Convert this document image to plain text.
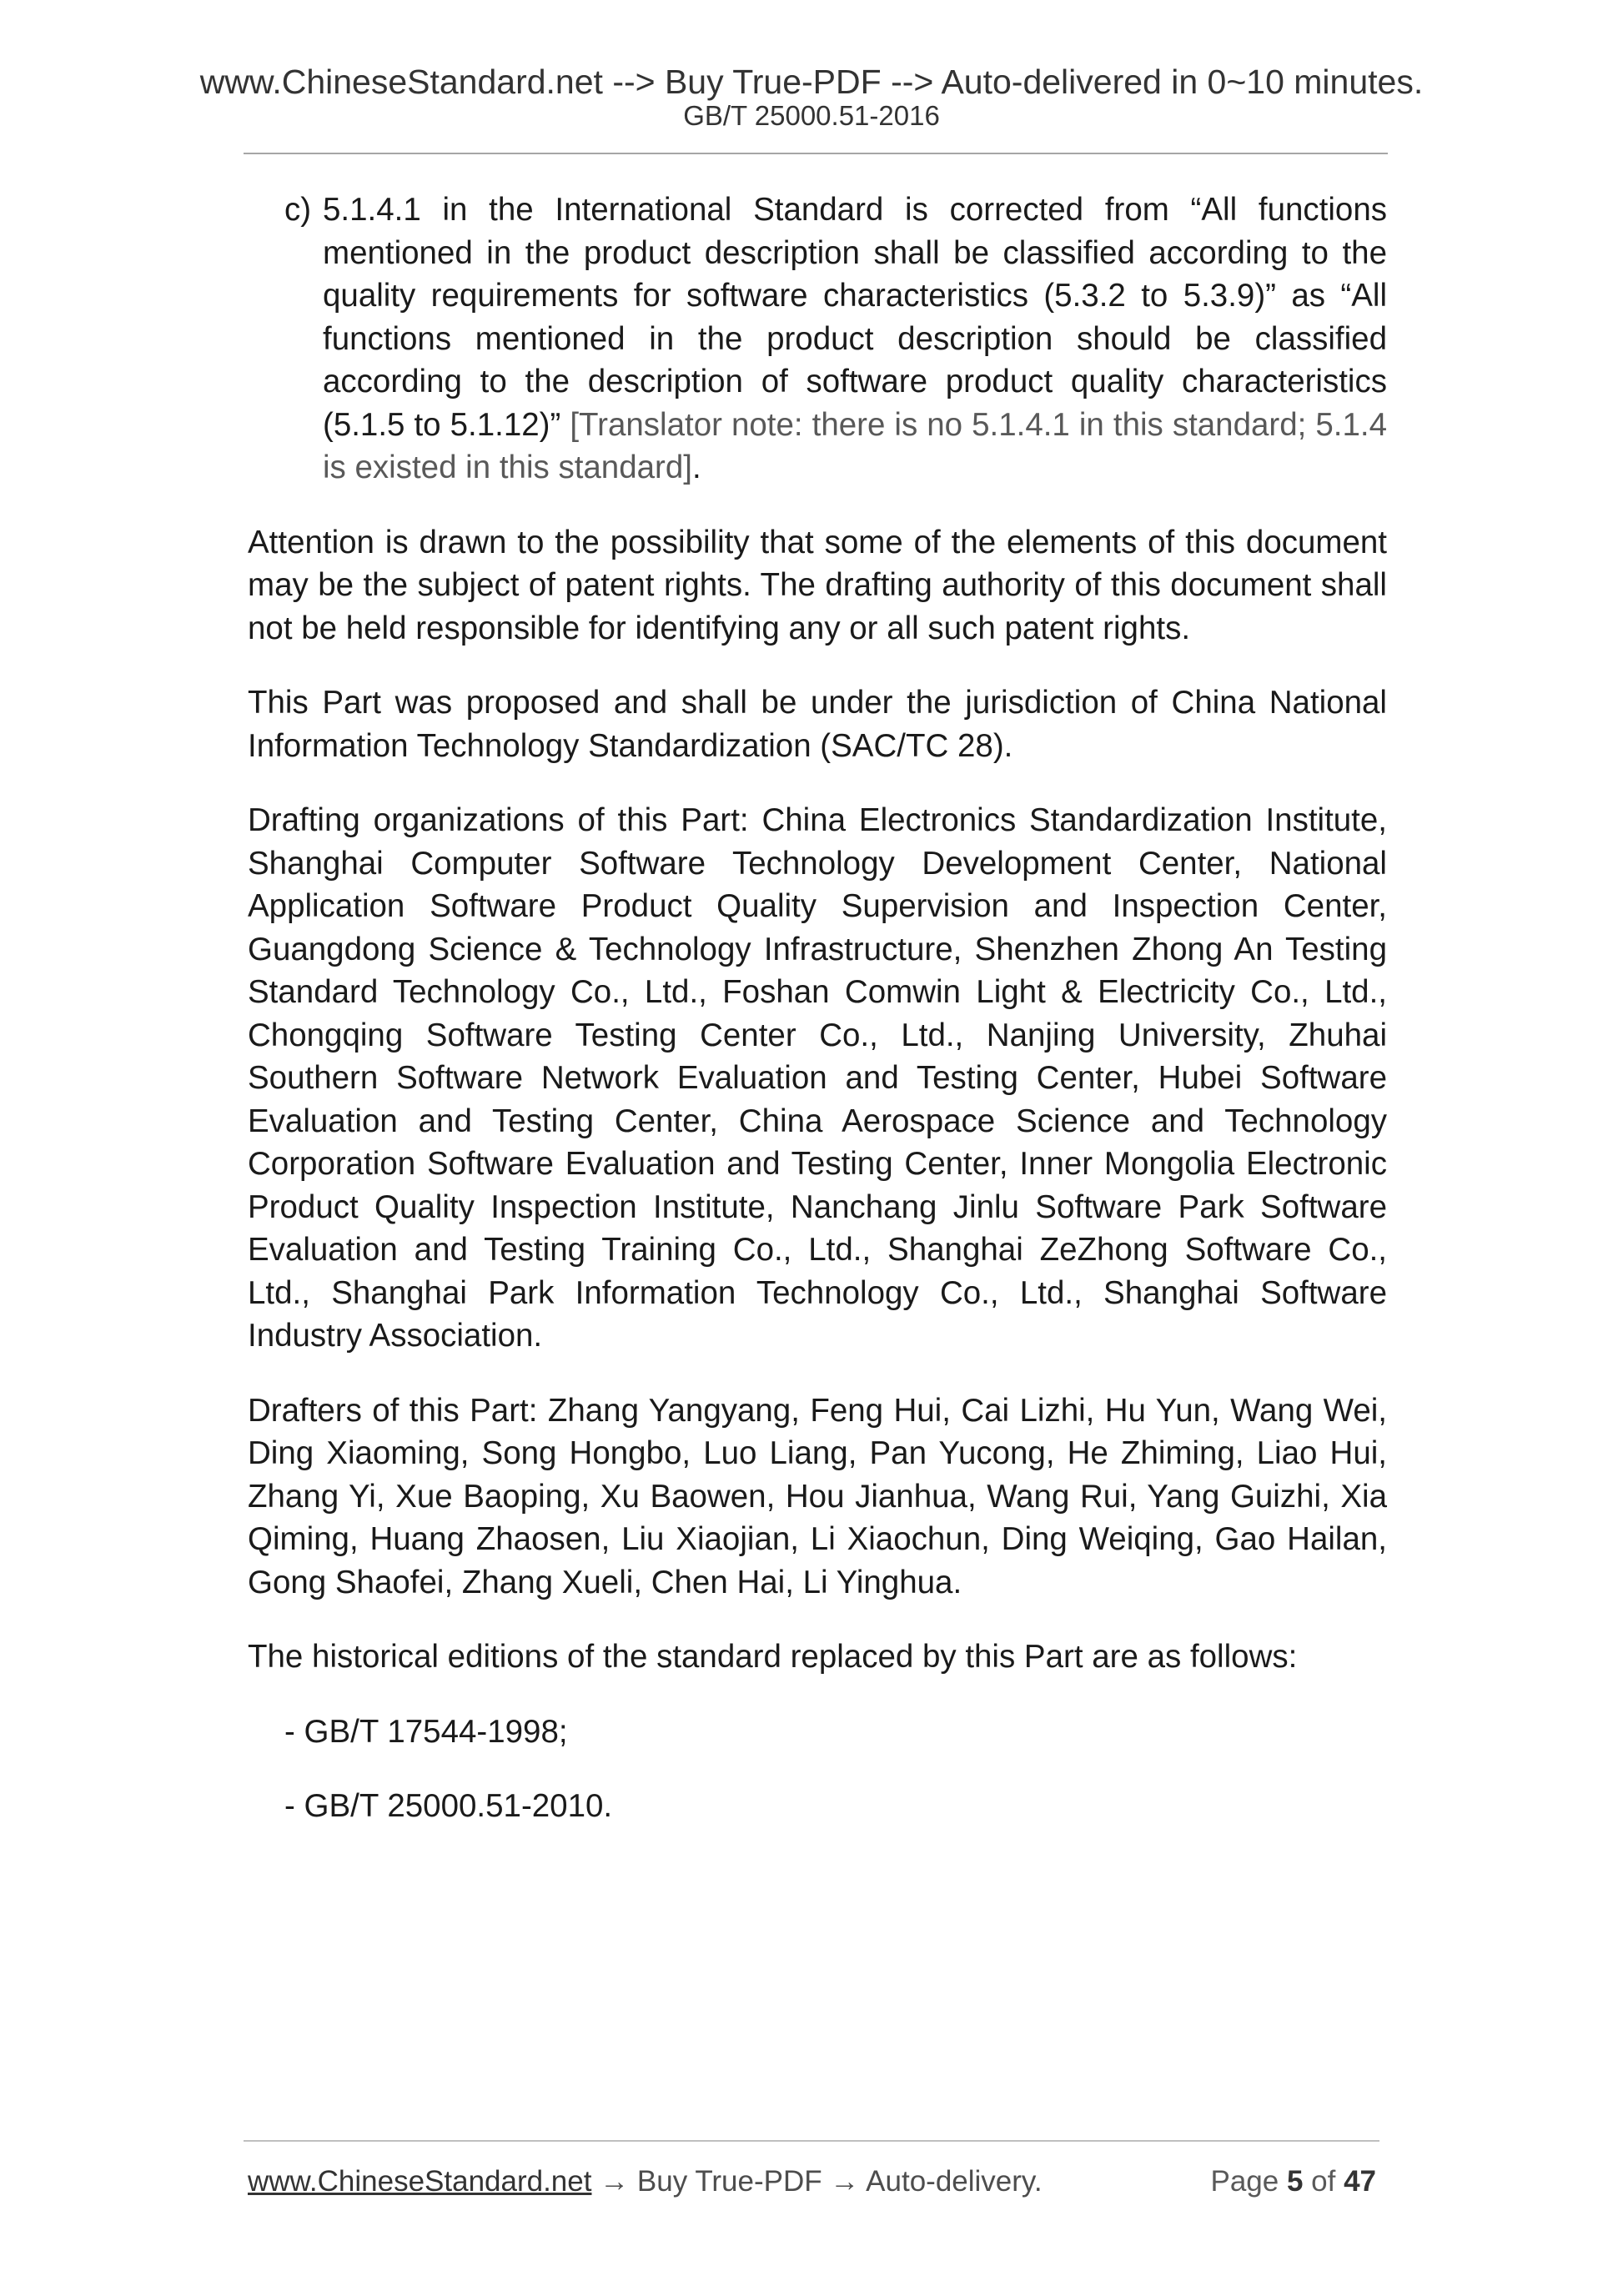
www.ChineseStandard.net --> Buy True-PDF --> Auto-delivered in 0~10 minutes.
GB/T 25000.51-2016
c) 5.1.4.1 in the International Standard is corrected from “All functions mentioned in the product description shall be classified according to the quality requirements for software characteristics (5.3.2 to 5.3.9)” as “All functions mentioned in the product description should be classified according to the description of software product quality characteristics (5.1.5 to 5.1.12)” [Translator note: there is no 5.1.4.1 in this standard; 5.1.4 is existed in this standard].

Attention is drawn to the possibility that some of the elements of this document may be the subject of patent rights. The drafting authority of this document shall not be held responsible for identifying any or all such patent rights.

This Part was proposed and shall be under the jurisdiction of China National Information Technology Standardization (SAC/TC 28).

Drafting organizations of this Part: China Electronics Standardization Institute, Shanghai Computer Software Technology Development Center, National Application Software Product Quality Supervision and Inspection Center, Guangdong Science & Technology Infrastructure, Shenzhen Zhong An Testing Standard Technology Co., Ltd., Foshan Comwin Light & Electricity Co., Ltd., Chongqing Software Testing Center Co., Ltd., Nanjing University, Zhuhai Southern Software Network Evaluation and Testing Center, Hubei Software Evaluation and Testing Center, China Aerospace Science and Technology Corporation Software Evaluation and Testing Center, Inner Mongolia Electronic Product Quality Inspection Institute, Nanchang Jinlu Software Park Software Evaluation and Testing Training Co., Ltd., Shanghai ZeZhong Software Co., Ltd., Shanghai Park Information Technology Co., Ltd., Shanghai Software Industry Association.

Drafters of this Part: Zhang Yangyang, Feng Hui, Cai Lizhi, Hu Yun, Wang Wei, Ding Xiaoming, Song Hongbo, Luo Liang, Pan Yucong, He Zhiming, Liao Hui, Zhang Yi, Xue Baoping, Xu Baowen, Hou Jianhua, Wang Rui, Yang Guizhi, Xia Qiming, Huang Zhaosen, Liu Xiaojian, Li Xiaochun, Ding Weiqing, Gao Hailan, Gong Shaofei, Zhang Xueli, Chen Hai, Li Yinghua.

The historical editions of the standard replaced by this Part are as follows:

- GB/T 17544-1998;

- GB/T 25000.51-2010.

www.ChineseStandard.net → Buy True-PDF → Auto-delivery.	Page 5 of 47
